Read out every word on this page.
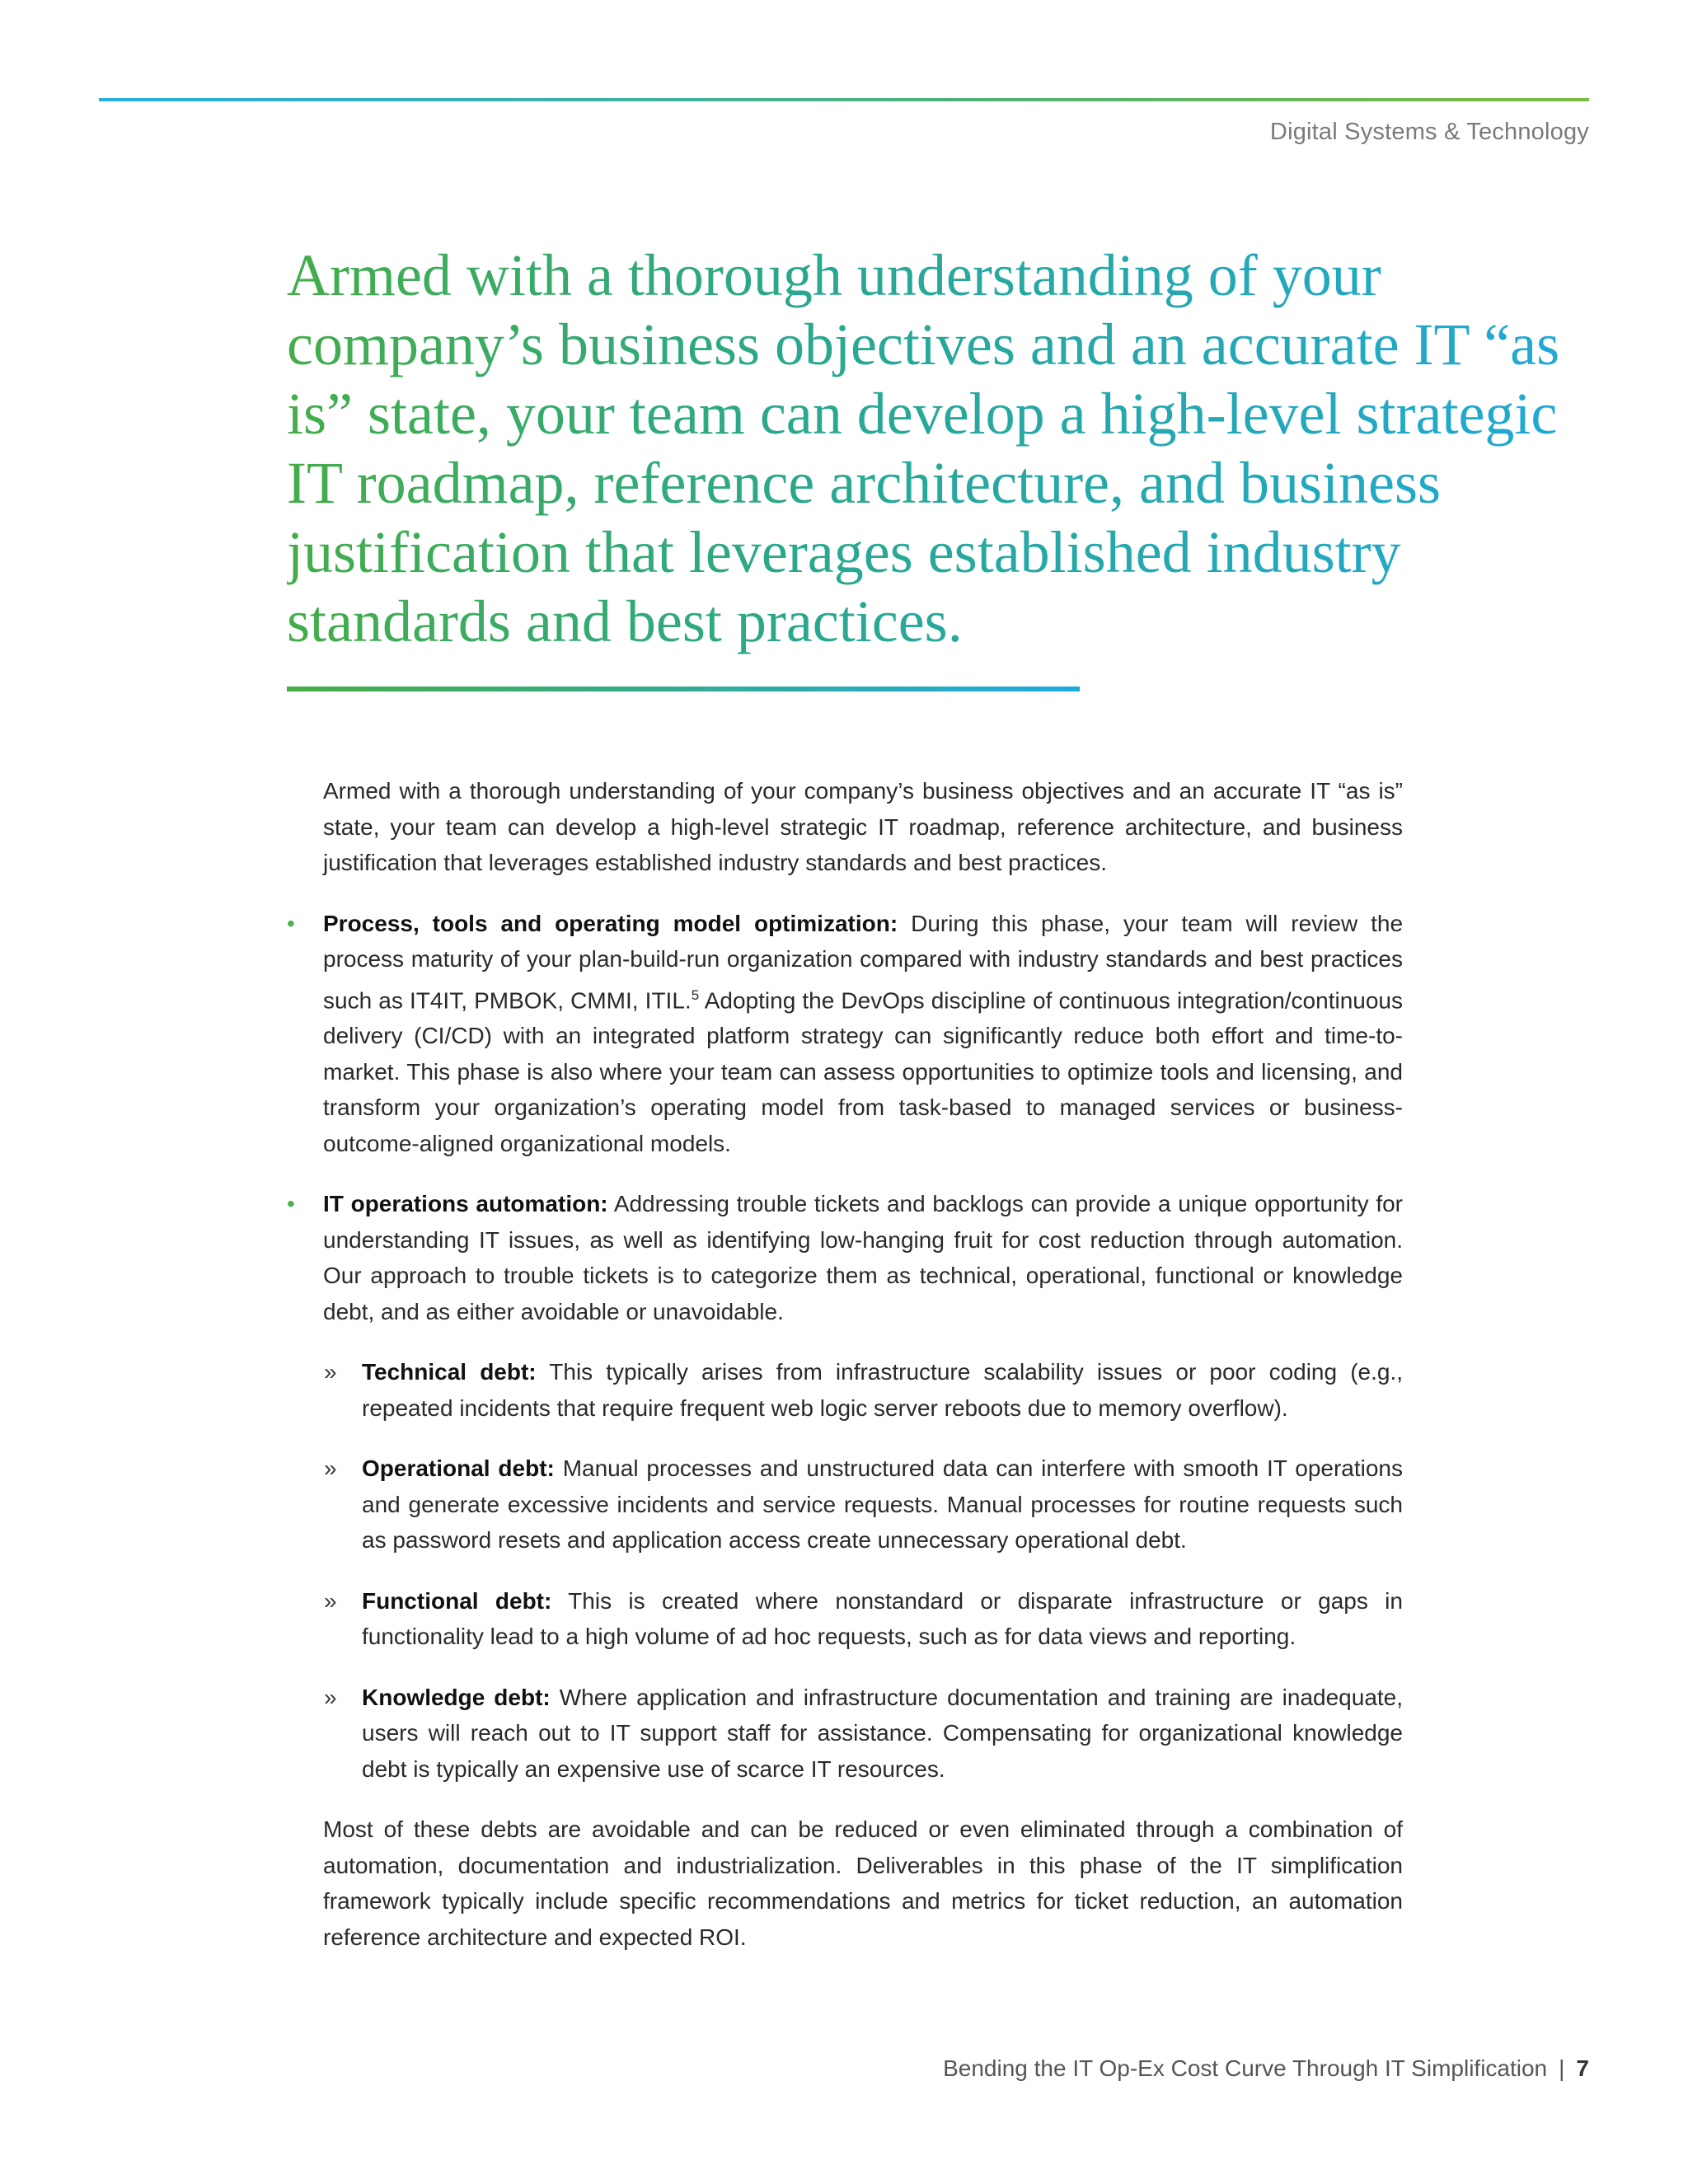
Digital Systems & Technology
Armed with a thorough understanding of your company’s business objectives and an accurate IT “as is” state, your team can develop a high-level strategic IT roadmap, reference architecture, and business justification that leverages established industry standards and best practices.

Armed with a thorough understanding of your company’s business objectives and an accurate IT “as is” state, your team can develop a high-level strategic IT roadmap, reference architecture, and business justification that leverages established industry standards and best practices.

• Process, tools and operating model optimization: During this phase, your team will review the process maturity of your plan-build-run organization compared with industry standards and best practices such as IT4IT, PMBOK, CMMI, ITIL.$^5$ Adopting the DevOps discipline of continuous integration/continuous delivery (CI/CD) with an integrated platform strategy can significantly reduce both effort and time-to-market. This phase is also where your team can assess opportunities to optimize tools and licensing, and transform your organization’s operating model from task-based to managed services or business-outcome-aligned organizational models.

• IT operations automation: Addressing trouble tickets and backlogs can provide a unique opportunity for understanding IT issues, as well as identifying low-hanging fruit for cost reduction through automation. Our approach to trouble tickets is to categorize them as technical, operational, functional or knowledge debt, and as either avoidable or unavoidable.

» Technical debt: This typically arises from infrastructure scalability issues or poor coding (e.g., repeated incidents that require frequent web logic server reboots due to memory overflow).

» Operational debt: Manual processes and unstructured data can interfere with smooth IT operations and generate excessive incidents and service requests. Manual processes for routine requests such as password resets and application access create unnecessary operational debt.

» Functional debt: This is created where nonstandard or disparate infrastructure or gaps in functionality lead to a high volume of ad hoc requests, such as for data views and reporting.

» Knowledge debt: Where application and infrastructure documentation and training are inadequate, users will reach out to IT support staff for assistance. Compensating for organizational knowledge debt is typically an expensive use of scarce IT resources.

Most of these debts are avoidable and can be reduced or even eliminated through a combination of automation, documentation and industrialization. Deliverables in this phase of the IT simplification framework typically include specific recommendations and metrics for ticket reduction, an automation reference architecture and expected ROI.

Bending the IT Op-Ex Cost Curve Through IT Simplification | 7
